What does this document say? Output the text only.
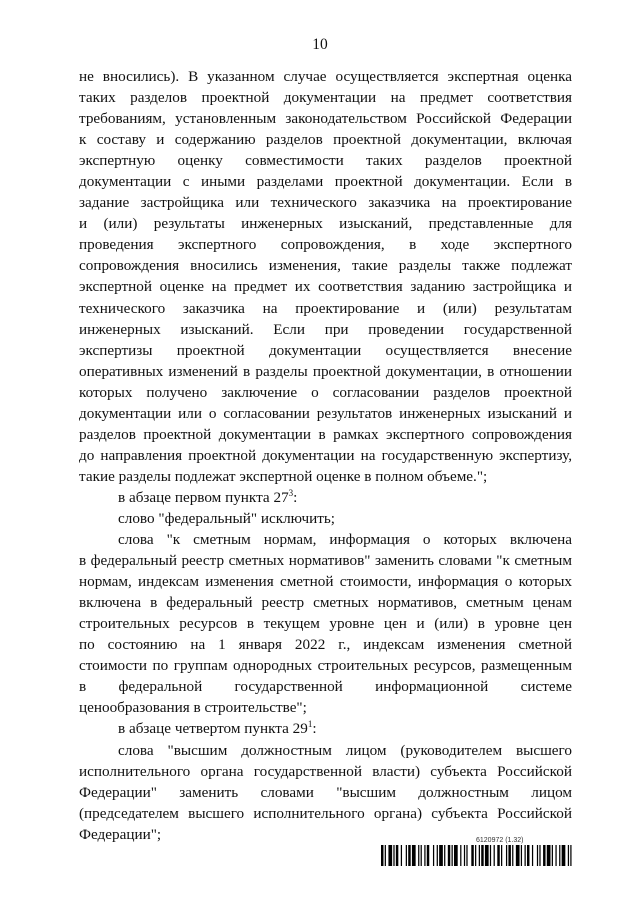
10

не вносились). В указанном случае осуществляется экспертная оценка
таких разделов проектной документации на предмет соответствия
требованиям, установленным законодательством Российской Федерации
к составу и содержанию разделов проектной документации, включая
экспертную оценку совместимости таких разделов проектной
документации с иными разделами проектной документации. Если в
задание застройщика или технического заказчика на проектирование
и (или) результаты инженерных изысканий, представленные для
проведения экспертного сопровождения, в ходе экспертного
сопровождения вносились изменения, такие разделы также подлежат
экспертной оценке на предмет их соответствия заданию застройщика и
технического заказчика на проектирование и (или) результатам
инженерных изысканий. Если при проведении государственной
экспертизы проектной документации осуществляется внесение
оперативных изменений в разделы проектной документации, в отношении
которых получено заключение о согласовании разделов проектной
документации или о согласовании результатов инженерных изысканий и
разделов проектной документации в рамках экспертного сопровождения
до направления проектной документации на государственную экспертизу,
такие разделы подлежат экспертной оценке в полном объеме.";

в абзаце первом пункта $27^3$:

слово "федеральный" исключить;

слова "к сметным нормам, информация о которых включена
в федеральный реестр сметных нормативов" заменить словами "к сметным
нормам, индексам изменения сметной стоимости, информация о которых
включена в федеральный реестр сметных нормативов, сметным ценам
строительных ресурсов в текущем уровне цен и (или) в уровне цен
по состоянию на 1 января 2022 г., индексам изменения сметной
стоимости по группам однородных строительных ресурсов, размещенным
в федеральной государственной информационной системе
ценообразования в строительстве";

в абзаце четвертом пункта $29^1$:

слова "высшим должностным лицом (руководителем высшего
исполнительного органа государственной власти) субъекта Российской
Федерации" заменить словами "высшим должностным лицом
(председателем высшего исполнительного органа) субъекта Российской
Федерации";	6120972 (1.32)
